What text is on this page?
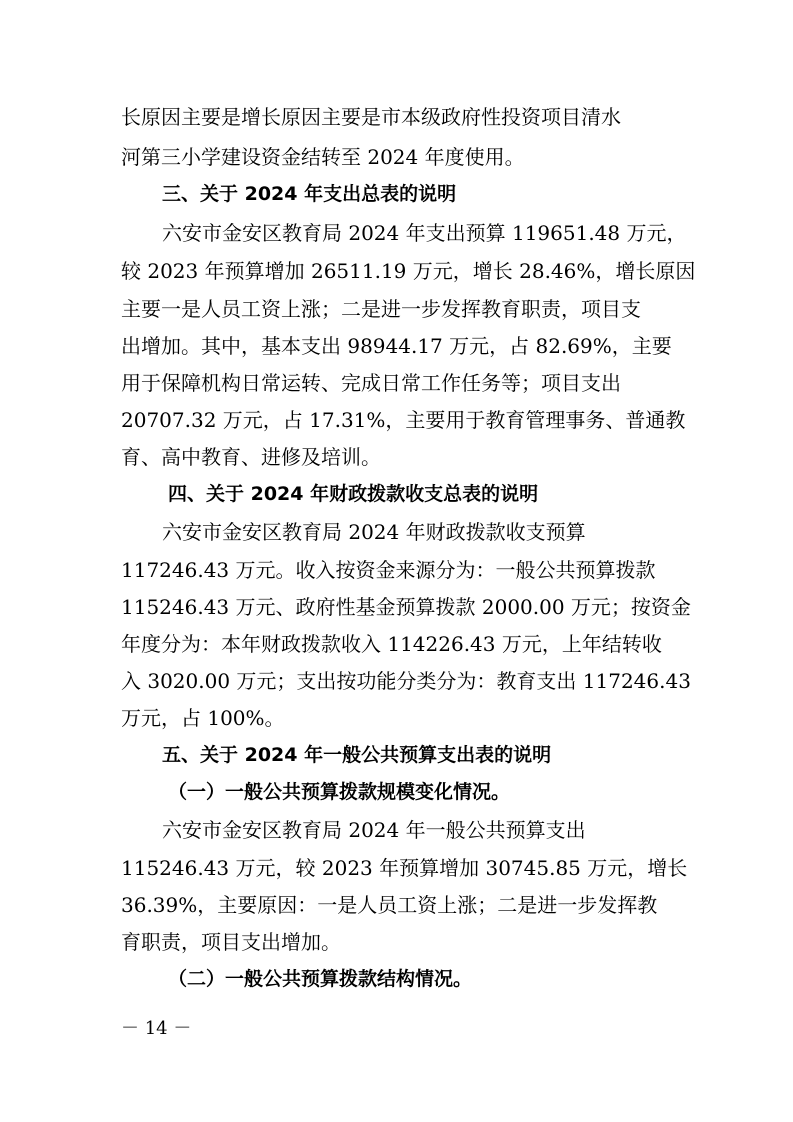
长原因主要是增长原因主要是市本级政府性投资项目清水
河第三小学建设资金结转至 2024 年度使用。
三、关于 2024 年支出总表的说明
六安市金安区教育局 2024 年支出预算 119651.48 万元，
较 2023 年预算增加 26511.19 万元，增长 28.46%，增长原因
主要一是人员工资上涨；二是进一步发挥教育职责，项目支
出增加。其中，基本支出 98944.17 万元，占 82.69%，主要
用于保障机构日常运转、完成日常工作任务等；项目支出
20707.32 万元，占 17.31%，主要用于教育管理事务、普通教
育、高中教育、进修及培训。
四、关于 2024 年财政拨款收支总表的说明
六安市金安区教育局 2024 年财政拨款收支预算
117246.43 万元。收入按资金来源分为：一般公共预算拨款
115246.43 万元、政府性基金预算拨款 2000.00 万元；按资金
年度分为：本年财政拨款收入 114226.43 万元，上年结转收
入 3020.00 万元；支出按功能分类分为：教育支出 117246.43
万元，占 100%。
五、关于 2024 年一般公共预算支出表的说明
（一）一般公共预算拨款规模变化情况。
六安市金安区教育局 2024 年一般公共预算支出
115246.43 万元，较 2023 年预算增加 30745.85 万元，增长
36.39%，主要原因：一是人员工资上涨；二是进一步发挥教
育职责，项目支出增加。
（二）一般公共预算拨款结构情况。
－ 14 －
